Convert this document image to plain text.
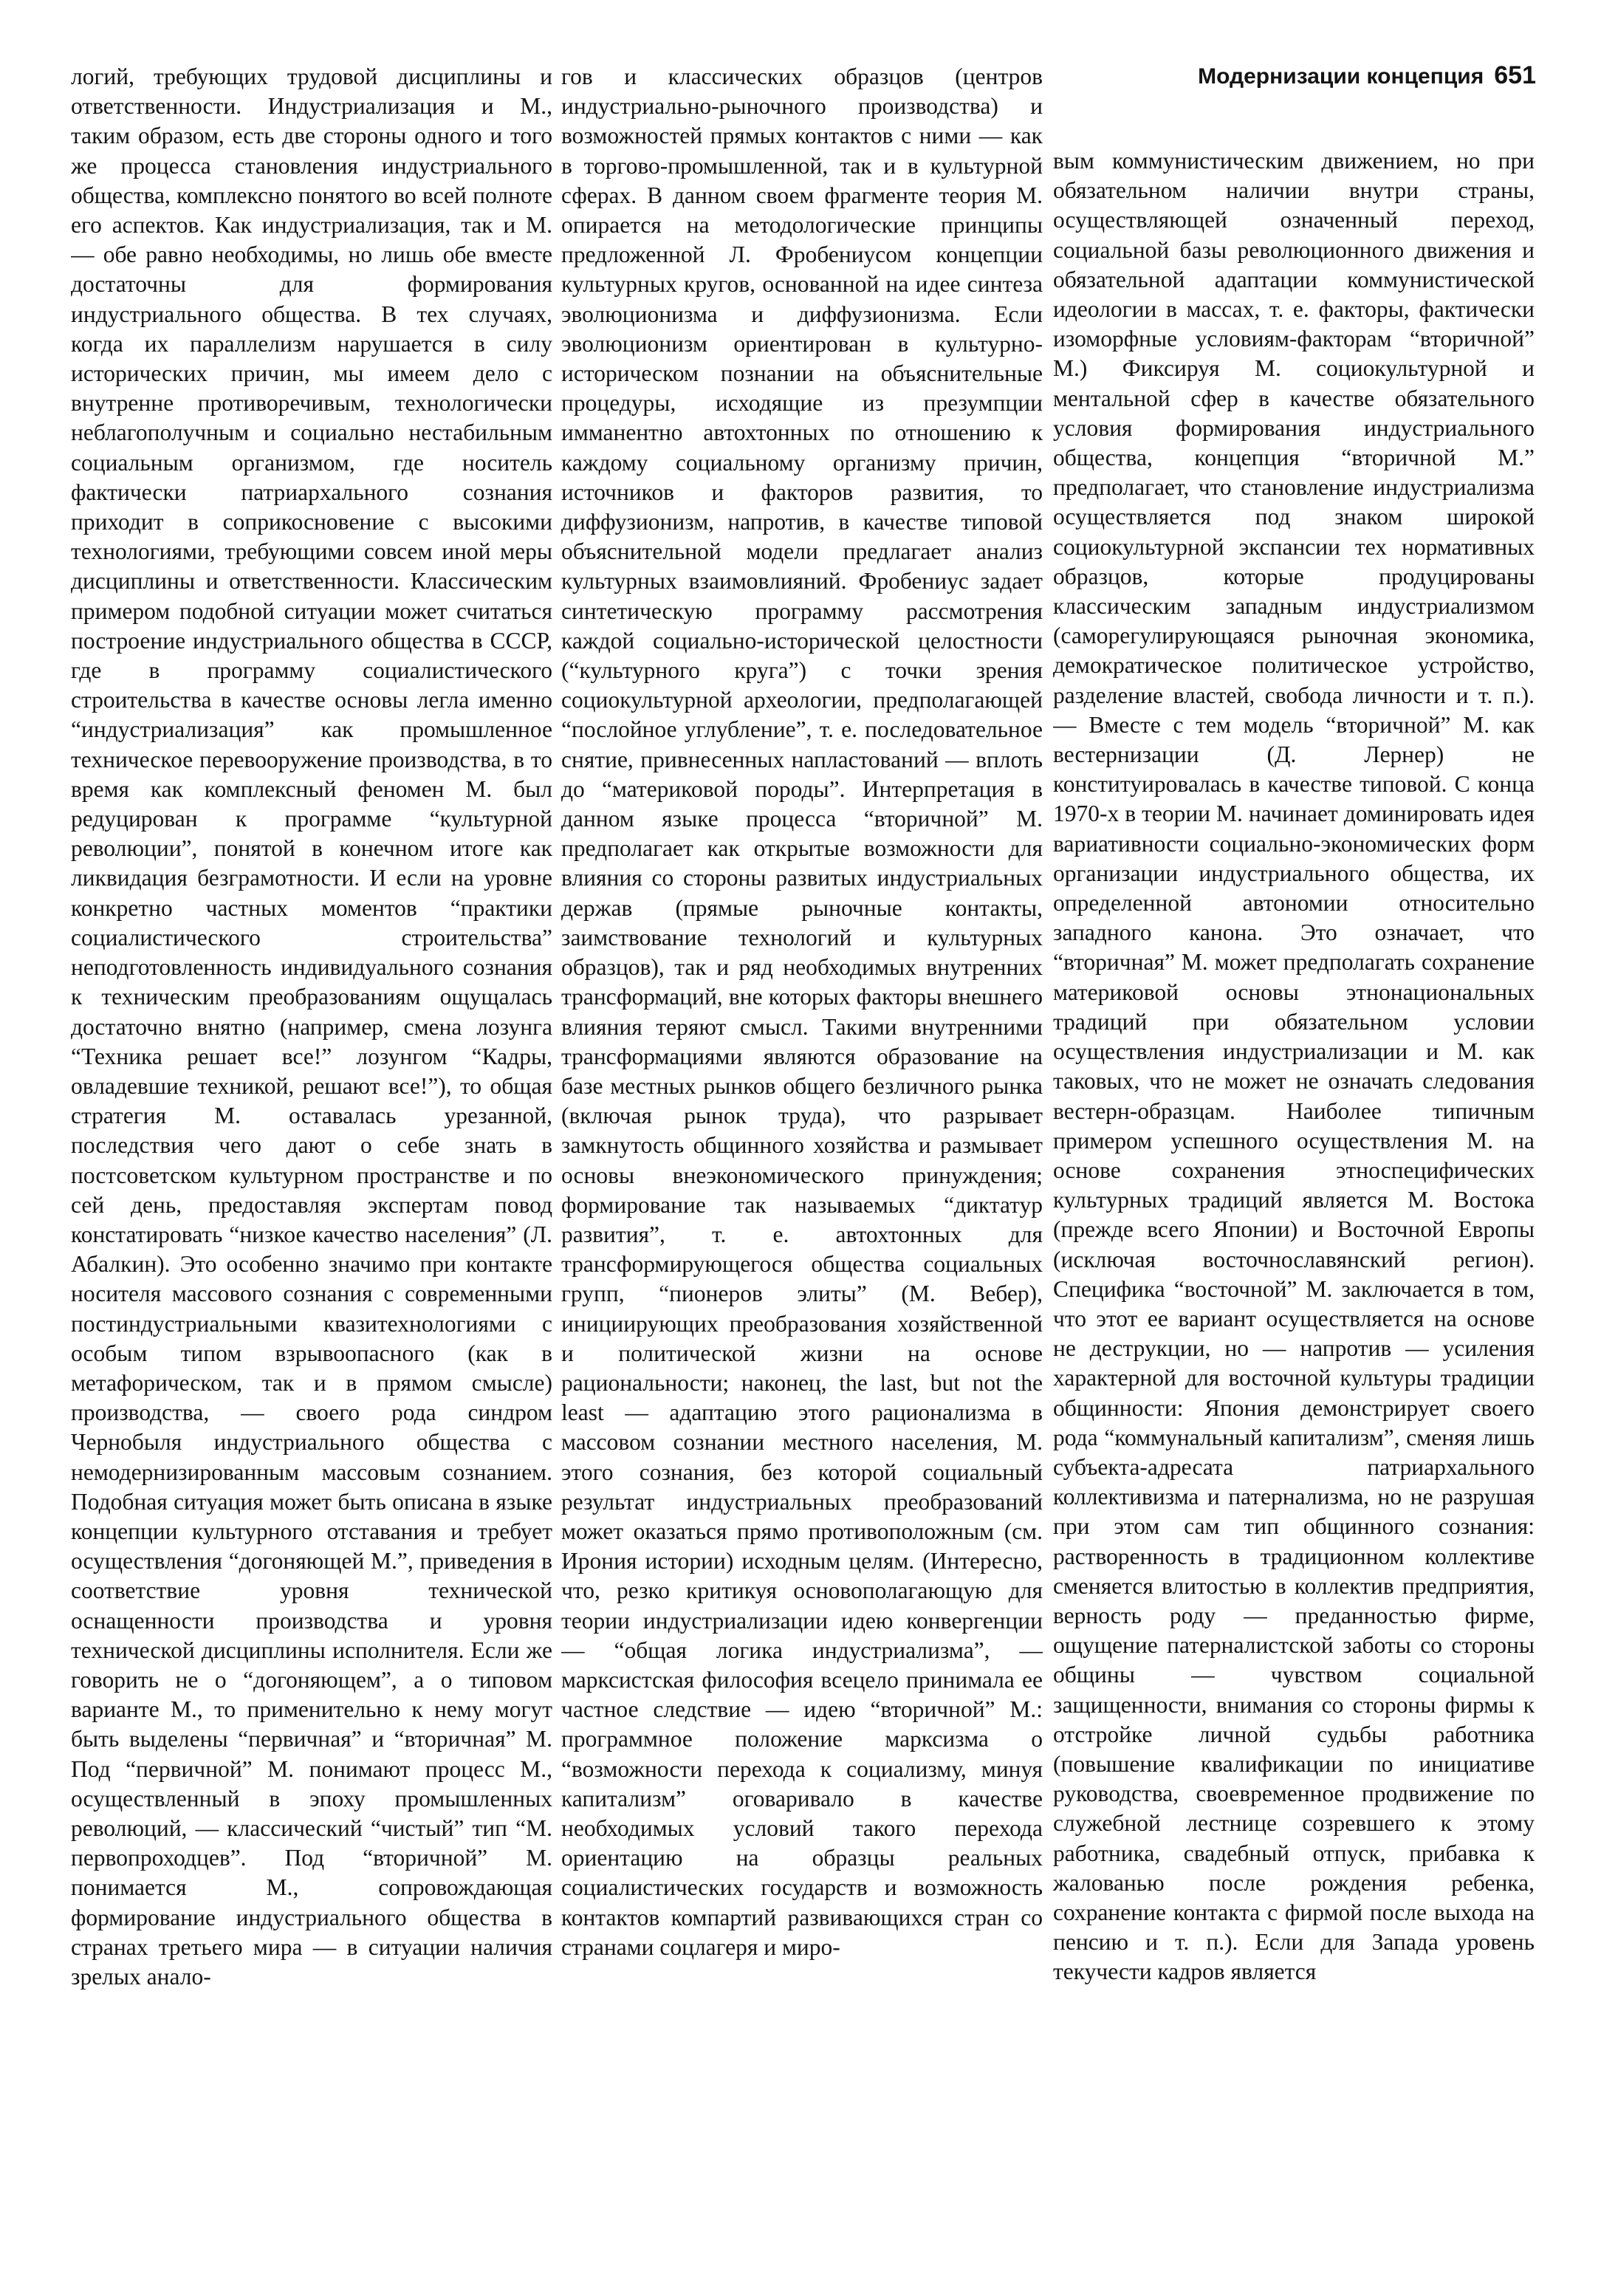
Модернизации концепция 651

логий, требующих трудовой дисциплины и ответственности. Индустриализация и М., таким образом, есть две стороны одного и того же процесса становления индустриального общества, комплексно понятого во всей полноте его аспектов. Как индустриализация, так и М. — обе равно необходимы, но лишь обе вместе достаточны для формирования индустриального общества. В тех случаях, когда их параллелизм нарушается в силу исторических причин, мы имеем дело с внутренне противоречивым, технологически неблагополучным и социально нестабильным социальным организмом, где носитель фактически патриархального сознания приходит в соприкосновение с высокими технологиями, требующими совсем иной меры дисциплины и ответственности. Классическим примером подобной ситуации может считаться построение индустриального общества в СССР, где в программу социалистического строительства в качестве основы легла именно “индустриализация” как промышленное техническое перевооружение производства, в то время как комплексный феномен М. был редуцирован к программе “культурной революции”, понятой в конечном итоге как ликвидация безграмотности. И если на уровне конкретно частных моментов “практики социалистического строительства” неподготовленность индивидуального сознания к техническим преобразованиям ощущалась достаточно внятно (например, смена лозунга “Техника решает все!” лозунгом “Кадры, овладевшие техникой, решают все!”), то общая стратегия М. оставалась урезанной, последствия чего дают о себе знать в постсоветском культурном пространстве и по сей день, предоставляя экспертам повод констатировать “низкое качество населения” (Л. Абалкин). Это особенно значимо при контакте носителя массового сознания с современными постиндустриальными квазитехнологиями с особым типом взрывоопасного (как в метафорическом, так и в прямом смысле) производства, — своего рода синдром Чернобыля индустриального общества с немодернизированным массовым сознанием. Подобная ситуация может быть описана в языке концепции культурного отставания и требует осуществления “догоняющей М.”, приведения в соответствие уровня технической оснащенности производства и уровня технической дисциплины исполнителя. Если же говорить не о “догоняющем”, а о типовом варианте М., то применительно к нему могут быть выделены “первичная” и “вторичная” М. Под “первичной” М. понимают процесс М., осуществленный в эпоху промышленных революций, — классический “чистый” тип “М. первопроходцев”. Под “вторичной” М. понимается М., сопровождающая формирование индустриального общества в странах третьего мира — в ситуации наличия зрелых анало-

гов и классических образцов (центров индустриально-рыночного производства) и возможностей прямых контактов с ними — как в торгово-промышленной, так и в культурной сферах. В данном своем фрагменте теория М. опирается на методологические принципы предложенной Л. Фробениусом концепции культурных кругов, основанной на идее синтеза эволюционизма и диффузионизма. Если эволюционизм ориентирован в культурно-историческом познании на объяснительные процедуры, исходящие из презумпции имманентно автохтонных по отношению к каждому социальному организму причин, источников и факторов развития, то диффузионизм, напротив, в качестве типовой объяснительной модели предлагает анализ культурных взаимовлияний. Фробениус задает синтетическую программу рассмотрения каждой социально-исторической целостности (“культурного круга”) с точки зрения социокультурной археологии, предполагающей “послойное углубление”, т. е. последовательное снятие, привнесенных напластований — вплоть до “материковой породы”. Интерпретация в данном языке процесса “вторичной” М. предполагает как открытые возможности для влияния со стороны развитых индустриальных держав (прямые рыночные контакты, заимствование технологий и культурных образцов), так и ряд необходимых внутренних трансформаций, вне которых факторы внешнего влияния теряют смысл. Такими внутренними трансформациями являются образование на базе местных рынков общего безличного рынка (включая рынок труда), что разрывает замкнутость общинного хозяйства и размывает основы внеэкономического принуждения; формирование так называемых “диктатур развития”, т. е. автохтонных для трансформирующегося общества социальных групп, “пионеров элиты” (М. Вебер), инициирующих преобразования хозяйственной и политической жизни на основе рациональности; наконец, the last, but not the least — адаптацию этого рационализма в массовом сознании местного населения, М. этого сознания, без которой социальный результат индустриальных преобразований может оказаться прямо противоположным (см. Ирония истории) исходным целям. (Интересно, что, резко критикуя основополагающую для теории индустриализации идею конвергенции — “общая логика индустриализма”, — марксистская философия всецело принимала ее частное следствие — идею “вторичной” М.: программное положение марксизма о “возможности перехода к социализму, минуя капитализм” оговаривало в качестве необходимых условий такого перехода ориентацию на образцы реальных социалистических государств и возможность контактов компартий развивающихся стран со странами соцлагеря и миро-

вым коммунистическим движением, но при обязательном наличии внутри страны, осуществляющей означенный переход, социальной базы революционного движения и обязательной адаптации коммунистической идеологии в массах, т. е. факторы, фактически изоморфные условиям-факторам “вторичной” М.) Фиксируя М. социокультурной и ментальной сфер в качестве обязательного условия формирования индустриального общества, концепция “вторичной М.” предполагает, что становление индустриализма осуществляется под знаком широкой социокультурной экспансии тех нормативных образцов, которые продуцированы классическим западным индустриализмом (саморегулирующаяся рыночная экономика, демократическое политическое устройство, разделение властей, свобода личности и т. п.). — Вместе с тем модель “вторичной” М. как вестернизации (Д. Лернер) не конституировалась в качестве типовой. С конца 1970-х в теории М. начинает доминировать идея вариативности социально-экономических форм организации индустриального общества, их определенной автономии относительно западного канона. Это означает, что “вторичная” М. может предполагать сохранение материковой основы этнонациональных традиций при обязательном условии осуществления индустриализации и М. как таковых, что не может не означать следования вестерн-образцам. Наиболее типичным примером успешного осуществления М. на основе сохранения этноспецифических культурных традиций является М. Востока (прежде всего Японии) и Восточной Европы (исключая восточнославянский регион). Специфика “восточной” М. заключается в том, что этот ее вариант осуществляется на основе не деструкции, но — напротив — усиления характерной для восточной культуры традиции общинности: Япония демонстрирует своего рода “коммунальный капитализм”, сменяя лишь субъекта-адресата патриархального коллективизма и патернализма, но не разрушая при этом сам тип общинного сознания: растворенность в традиционном коллективе сменяется влитостью в коллектив предприятия, верность роду — преданностью фирме, ощущение патерналистской заботы со стороны общины — чувством социальной защищенности, внимания со стороны фирмы к отстройке личной судьбы работника (повышение квалификации по инициативе руководства, своевременное продвижение по служебной лестнице созревшего к этому работника, свадебный отпуск, прибавка к жалованью после рождения ребенка, сохранение контакта с фирмой после выхода на пенсию и т. п.). Если для Запада уровень текучести кадров является
